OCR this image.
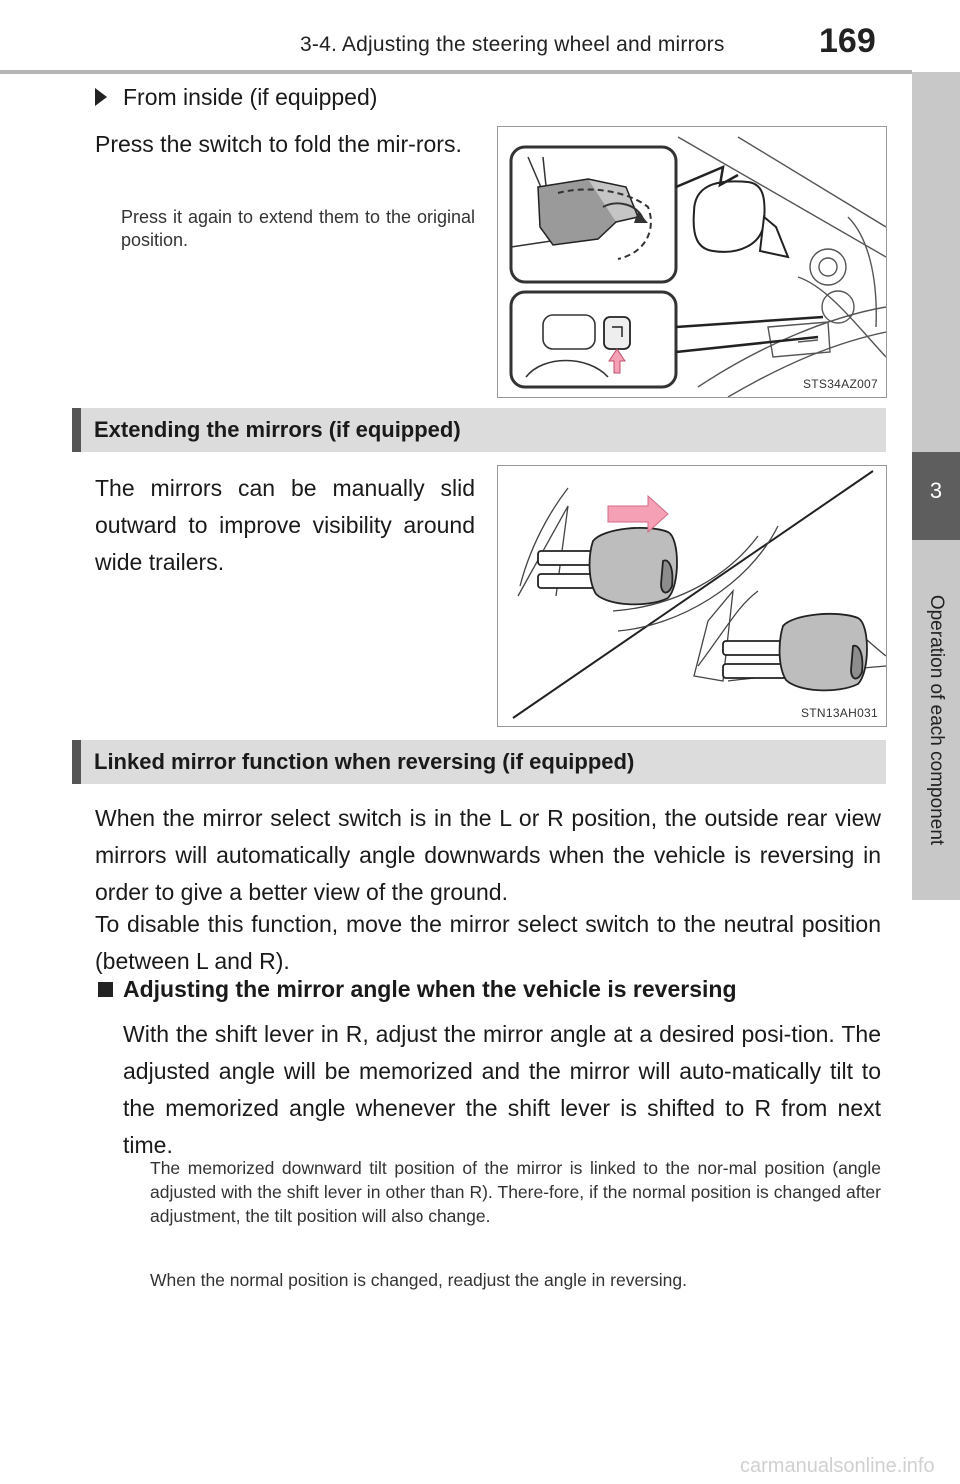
3-4. Adjusting the steering wheel and mirrors	169
3
Operation of each component
From inside (if equipped)
Press the switch to fold the mir-rors.
Press it again to extend them to the original position.
STS34AZ007
Extending the mirrors (if equipped)
The mirrors can be manually slid outward to improve visibility around wide trailers.
STN13AH031
Linked mirror function when reversing (if equipped)
When the mirror select switch is in the L or R position, the outside rear view mirrors will automatically angle downwards when the vehicle is reversing in order to give a better view of the ground.
To disable this function, move the mirror select switch to the neutral position (between L and R).
Adjusting the mirror angle when the vehicle is reversing
With the shift lever in R, adjust the mirror angle at a desired posi-tion. The adjusted angle will be memorized and the mirror will auto-matically tilt to the memorized angle whenever the shift lever is shifted to R from next time.
The memorized downward tilt position of the mirror is linked to the nor-mal position (angle adjusted with the shift lever in other than R). There-fore, if the normal position is changed after adjustment, the tilt position will also change.
When the normal position is changed, readjust the angle in reversing.
carmanualsonline.info
